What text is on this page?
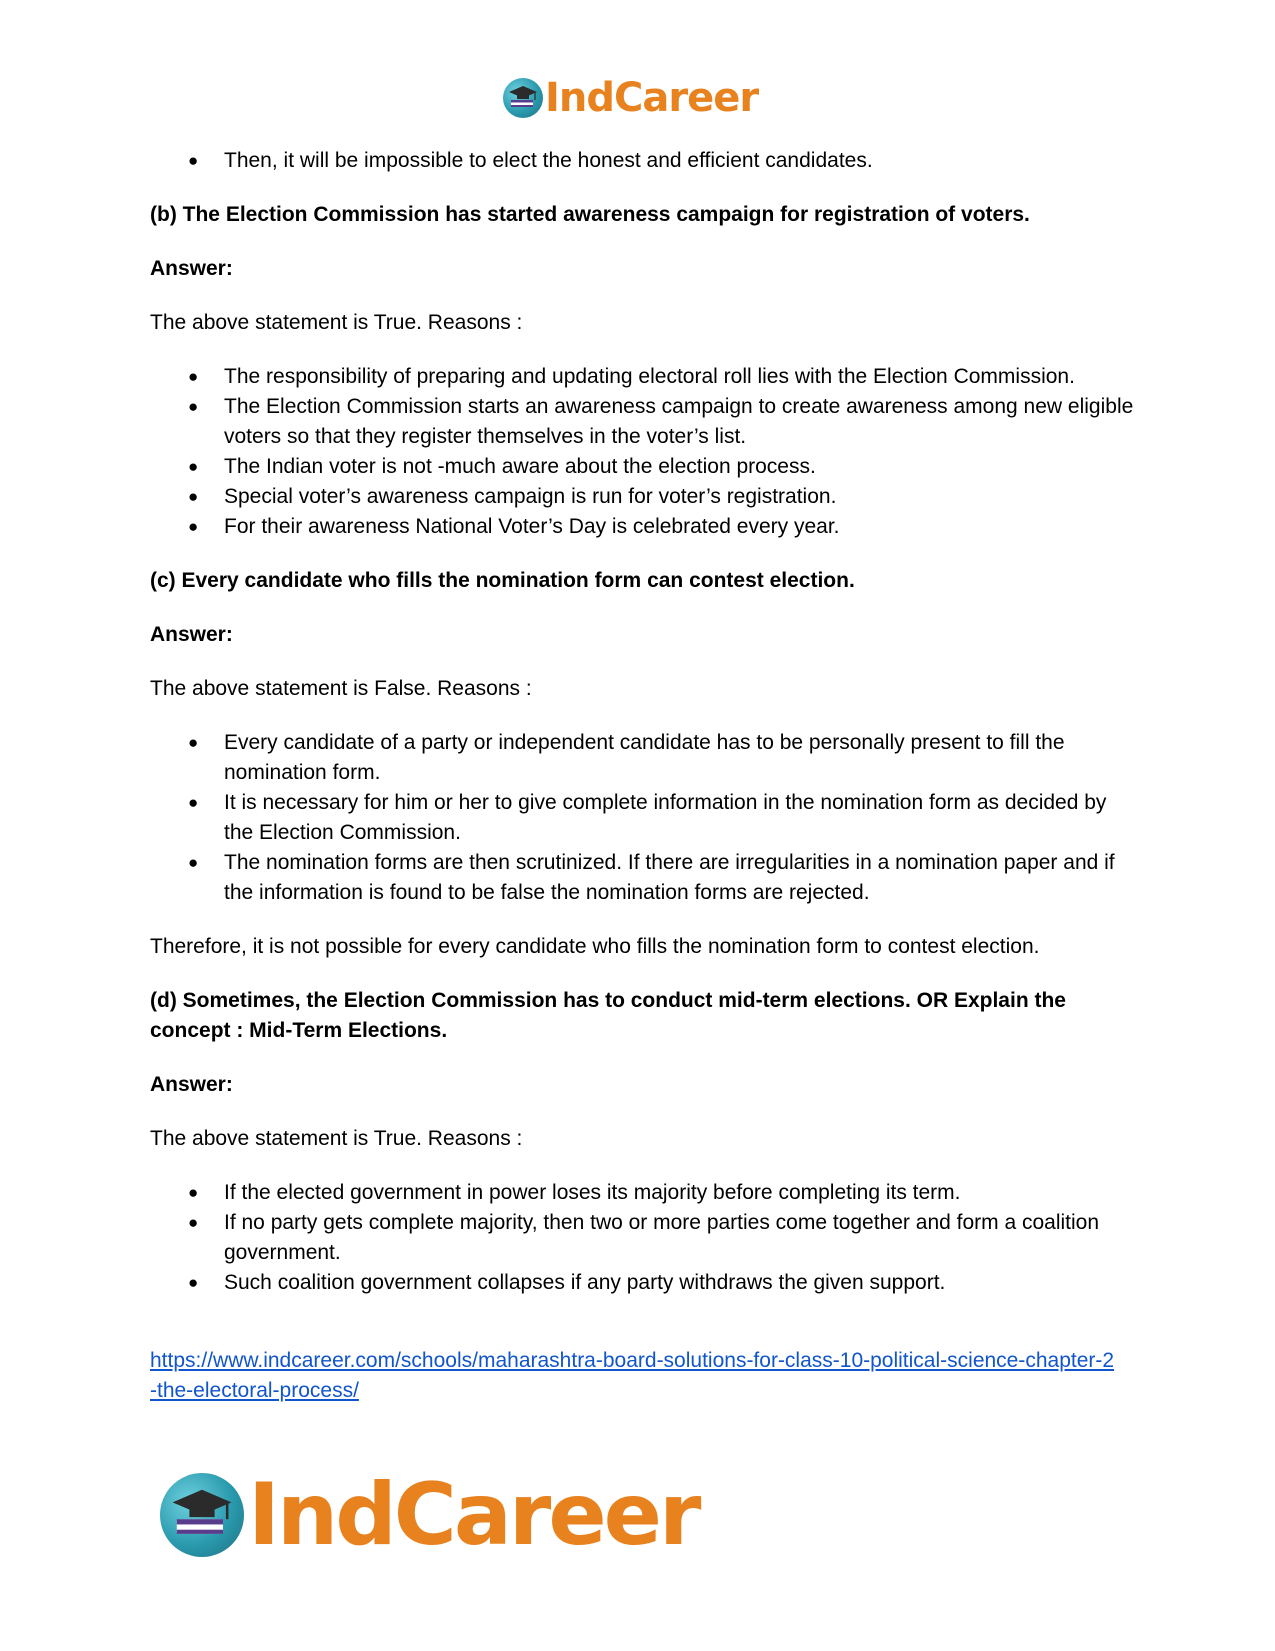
IndCareer
● Then, it will be impossible to elect the honest and efficient candidates.

(b) The Election Commission has started awareness campaign for registration of voters.

Answer:

The above statement is True. Reasons :

● The responsibility of preparing and updating electoral roll lies with the Election Commission.
● The Election Commission starts an awareness campaign to create awareness among new eligible voters so that they register themselves in the voter’s list.
● The Indian voter is not -much aware about the election process.
● Special voter’s awareness campaign is run for voter’s registration.
● For their awareness National Voter’s Day is celebrated every year.

(c) Every candidate who fills the nomination form can contest election.

Answer:

The above statement is False. Reasons :

● Every candidate of a party or independent candidate has to be personally present to fill the nomination form.
● It is necessary for him or her to give complete information in the nomination form as decided by the Election Commission.
● The nomination forms are then scrutinized. If there are irregularities in a nomination paper and if the information is found to be false the nomination forms are rejected.

Therefore, it is not possible for every candidate who fills the nomination form to contest election.

(d) Sometimes, the Election Commission has to conduct mid-term elections. OR Explain the concept : Mid-Term Elections.

Answer:

The above statement is True. Reasons :

● If the elected government in power loses its majority before completing its term.
● If no party gets complete majority, then two or more parties come together and form a coalition government.
● Such coalition government collapses if any party withdraws the given support.
https://www.indcareer.com/schools/maharashtra-board-solutions-for-class-10-political-science-chapter-2-the-electoral-process/
IndCareer
